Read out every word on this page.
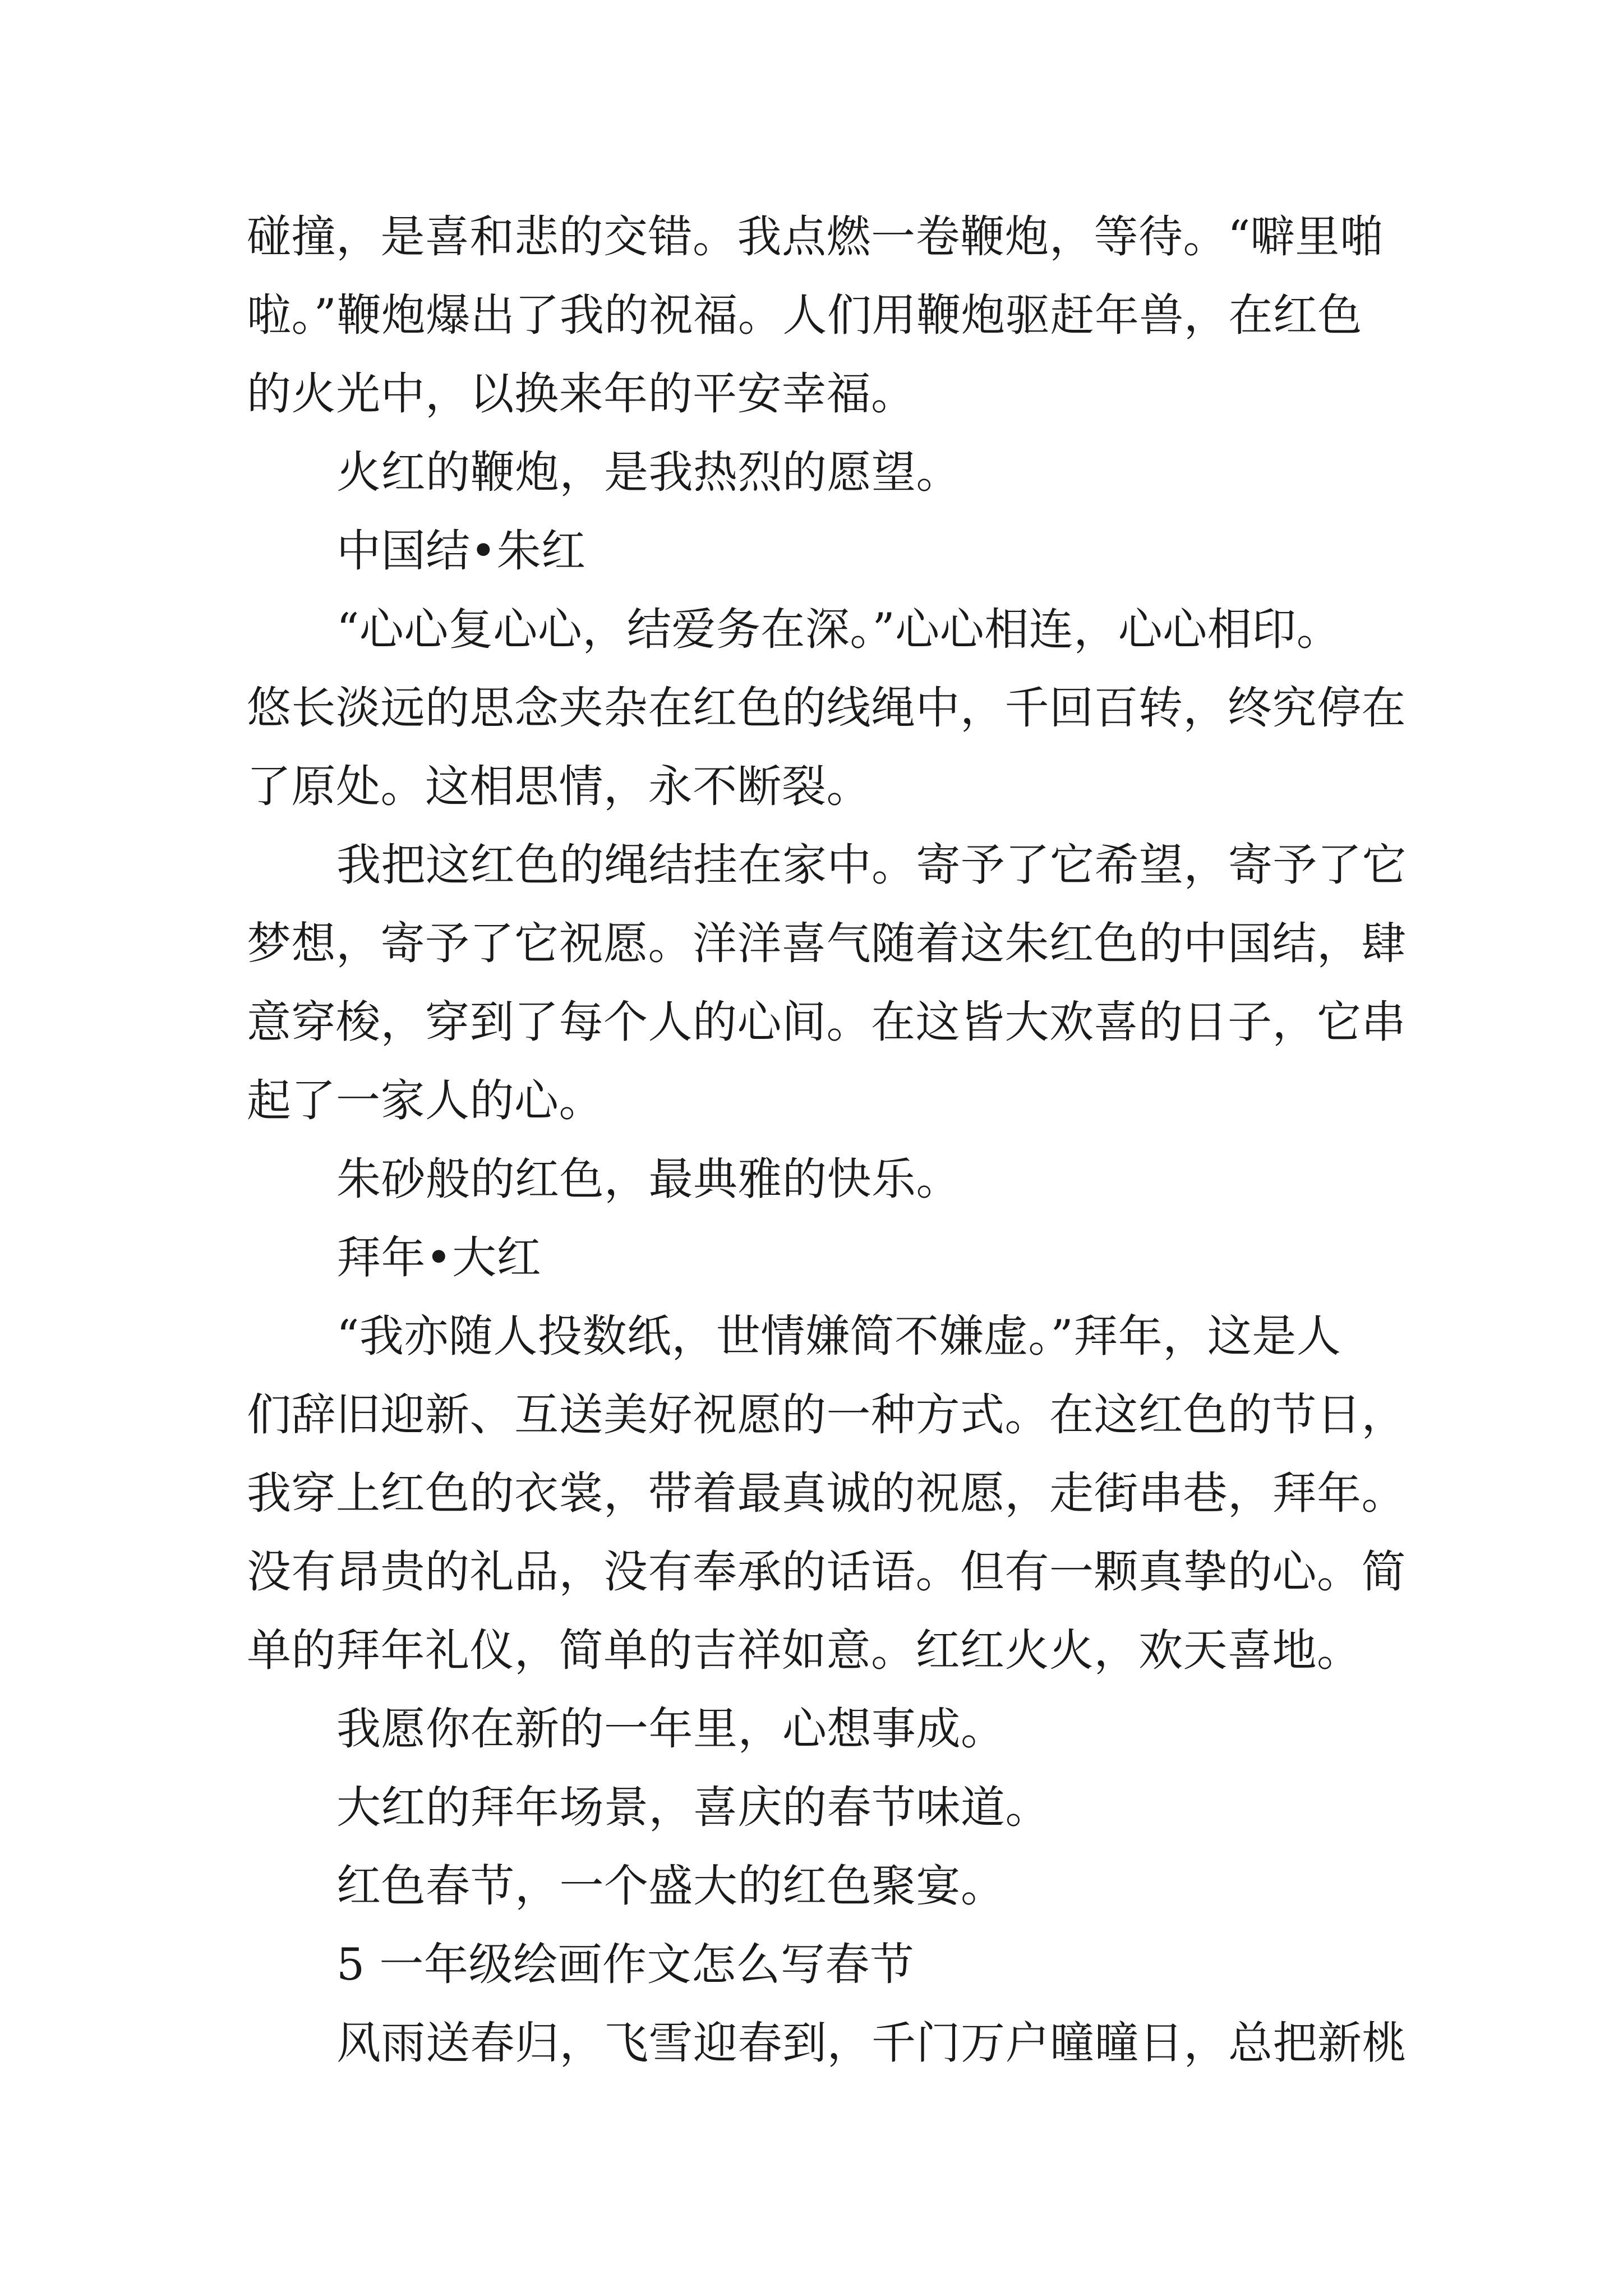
碰撞，是喜和悲的交错。我点燃一卷鞭炮，等待。“噼里啪
啦。”鞭炮爆出了我的祝福。人们用鞭炮驱赶年兽，在红色
的火光中，以换来年的平安幸福。
火红的鞭炮，是我热烈的愿望。
中国结•朱红
“心心复心心，结爱务在深。”心心相连，心心相印。
悠长淡远的思念夹杂在红色的线绳中，千回百转，终究停在
了原处。这相思情，永不断裂。
我把这红色的绳结挂在家中。寄予了它希望，寄予了它
梦想，寄予了它祝愿。洋洋喜气随着这朱红色的中国结，肆
意穿梭，穿到了每个人的心间。在这皆大欢喜的日子，它串
起了一家人的心。
朱砂般的红色，最典雅的快乐。
拜年•大红
“我亦随人投数纸，世情嫌简不嫌虚。”拜年，这是人
们辞旧迎新、互送美好祝愿的一种方式。在这红色的节日，
我穿上红色的衣裳，带着最真诚的祝愿，走街串巷，拜年。
没有昂贵的礼品，没有奉承的话语。但有一颗真挚的心。简
单的拜年礼仪，简单的吉祥如意。红红火火，欢天喜地。
我愿你在新的一年里，心想事成。
大红的拜年场景，喜庆的春节味道。
红色春节，一个盛大的红色聚宴。
5 一年级绘画作文怎么写春节
风雨送春归，飞雪迎春到，千门万户曈曈日，总把新桃
